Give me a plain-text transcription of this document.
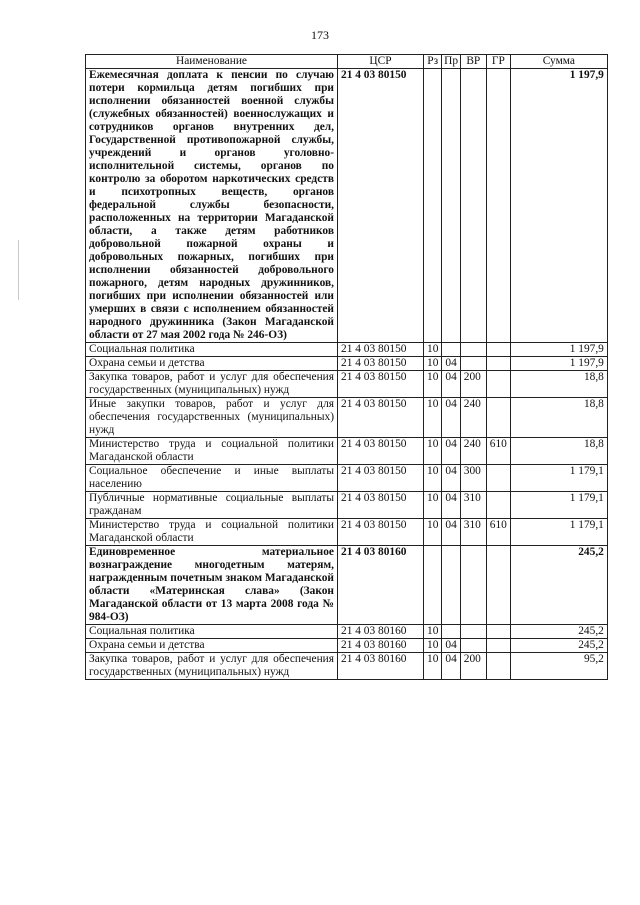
173
Наименование	ЦСР	Рз	Пр	ВР	ГР	Сумма
Ежемесячная доплата к пенсии по случаю потери кормильца детям погибших при исполнении обязанностей военной службы (служебных обязанностей) военнослужащих и сотрудников органов внутренних дел, Государственной противопожарной службы, учреждений и органов уголовно-исполнительной системы, органов по контролю за оборотом наркотических средств и психотропных веществ, органов федеральной службы безопасности, расположенных на территории Магаданской области, а также детям работников добровольной пожарной охраны и добровольных пожарных, погибших при исполнении обязанностей добровольного пожарного, детям народных дружинников, погибших при исполнении обязанностей или умерших в связи с исполнением обязанностей народного дружинника (Закон Магаданской области от 27 мая 2002 года № 246-ОЗ)	21 4 03 80150					1 197,9
Социальная политика	21 4 03 80150	10				1 197,9
Охрана семьи и детства	21 4 03 80150	10	04			1 197,9
Закупка товаров, работ и услуг для обеспечения государственных (муниципальных) нужд	21 4 03 80150	10	04	200		18,8
Иные закупки товаров, работ и услуг для обеспечения государственных (муниципальных) нужд	21 4 03 80150	10	04	240		18,8
Министерство труда и социальной политики Магаданской области	21 4 03 80150	10	04	240	610	18,8
Социальное обеспечение и иные выплаты населению	21 4 03 80150	10	04	300		1 179,1
Публичные нормативные социальные выплаты гражданам	21 4 03 80150	10	04	310		1 179,1
Министерство труда и социальной политики Магаданской области	21 4 03 80150	10	04	310	610	1 179,1
Единовременное материальное вознаграждение многодетным матерям, награжденным почетным знаком Магаданской области «Материнская слава» (Закон Магаданской области от 13 марта 2008 года № 984-ОЗ)	21 4 03 80160					245,2
Социальная политика	21 4 03 80160	10				245,2
Охрана семьи и детства	21 4 03 80160	10	04			245,2
Закупка товаров, работ и услуг для обеспечения государственных (муниципальных) нужд	21 4 03 80160	10	04	200		95,2
